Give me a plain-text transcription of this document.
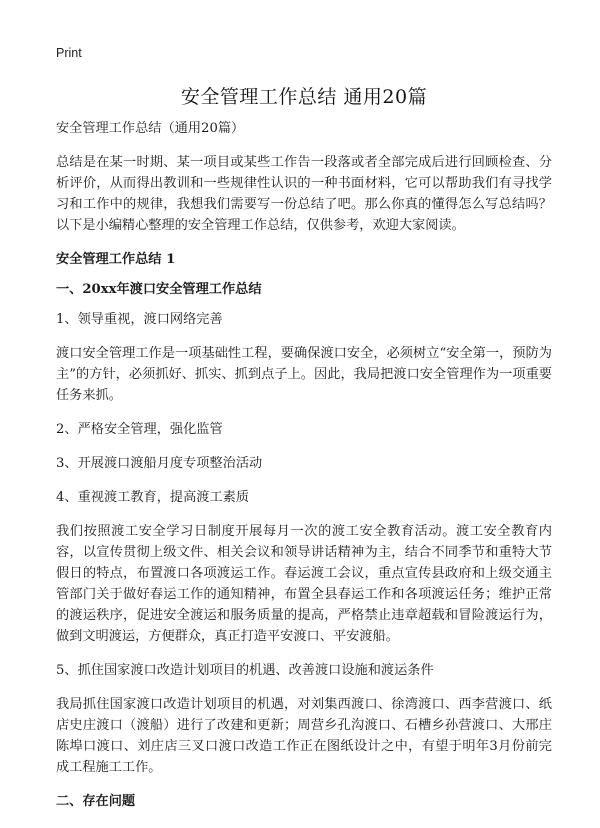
Print
安全管理工作总结 通用20篇

安全管理工作总结（通用20篇）

总结是在某一时期、某一项目或某些工作告一段落或者全部完成后进行回顾检查、分析评价，从而得出教训和一些规律性认识的一种书面材料，它可以帮助我们有寻找学习和工作中的规律，我想我们需要写一份总结了吧。那么你真的懂得怎么写总结吗？以下是小编精心整理的安全管理工作总结，仅供参考，欢迎大家阅读。

安全管理工作总结 1

一、20xx年渡口安全管理工作总结

1、领导重视，渡口网络完善

渡口安全管理工作是一项基础性工程，要确保渡口安全，必须树立“安全第一，预防为主”的方针，必须抓好、抓实、抓到点子上。因此，我局把渡口安全管理作为一项重要任务来抓。

2、严格安全管理，强化监管

3、开展渡口渡船月度专项整治活动

4、重视渡工教育，提高渡工素质

我们按照渡工安全学习日制度开展每月一次的渡工安全教育活动。渡工安全教育内容，以宣传贯彻上级文件、相关会议和领导讲话精神为主，结合不同季节和重特大节假日的特点，布置渡口各项渡运工作。春运渡工会议，重点宣传县政府和上级交通主管部门关于做好春运工作的通知精神，布置全县春运工作和各项渡运任务；维护正常的渡运秩序，促进安全渡运和服务质量的提高，严格禁止违章超载和冒险渡运行为，做到文明渡运，方便群众，真正打造平安渡口、平安渡船。

5、抓住国家渡口改造计划项目的机遇、改善渡口设施和渡运条件

我局抓住国家渡口改造计划项目的机遇，对刘集西渡口、徐湾渡口、西李营渡口、纸店史庄渡口（渡船）进行了改建和更新；周营乡孔沟渡口、石槽乡孙营渡口、大邢庄陈埠口渡口、刘庄店三叉口渡口改造工作正在图纸设计之中，有望于明年3月份前完成工程施工工作。

二、存在问题
